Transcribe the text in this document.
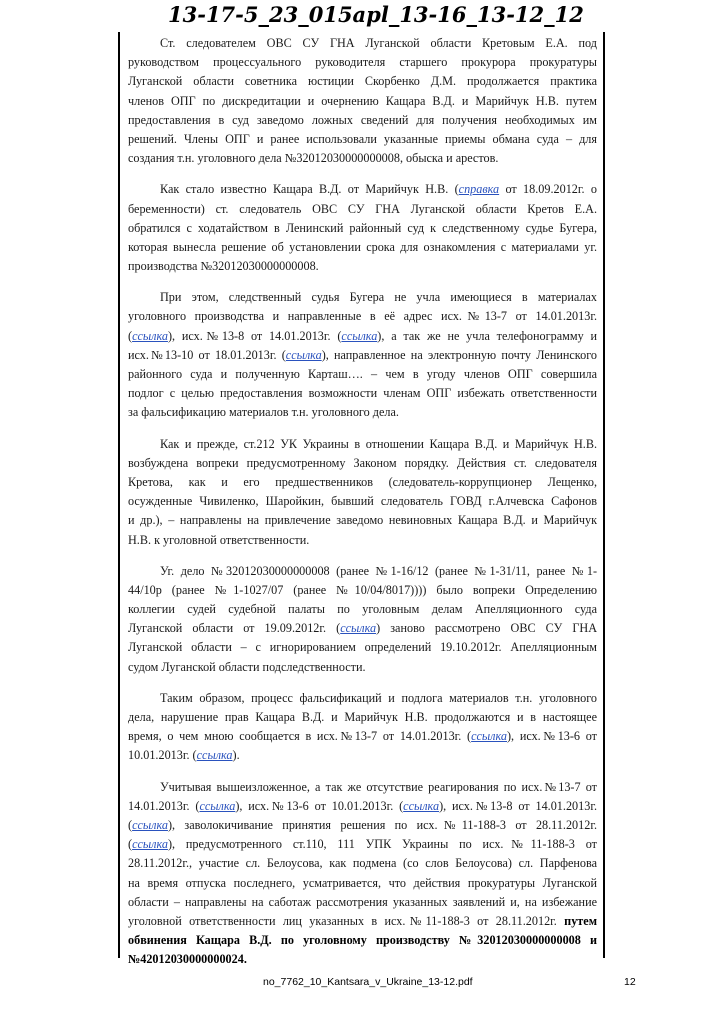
13-17-5_23_015apl_13-16_13-12_12
Ст. следователем ОВС СУ ГНА Луганской области Кретовым Е.А. под
руководством процессуального руководителя старшего прокурора прокуратуры
Луганской области советника юстиции Скорбенко Д.М. продолжается практика
членов ОПГ по дискредитации и очернению Кащара В.Д. и Марийчук Н.В. путем
предоставления в суд заведомо ложных сведений для получения необходимых им
решений. Члены ОПГ и ранее использовали указанные приемы обмана суда – для
создания т.н. уголовного дела №32012030000000008, обыска и арестов.
Как стало известно Кащара В.Д. от Марийчук Н.В. (справка от 18.09.2012г. о
беременности) ст. следователь ОВС СУ ГНА Луганской области Кретов Е.А.
обратился с ходатайством в Ленинский районный суд к следственному судье Бугера,
которая вынесла решение об установлении срока для ознакомления с материалами уг.
производства №32012030000000008.
При этом, следственный судья Бугера не учла имеющиеся в материалах
уголовного производства и направленные в её адрес исх.№13-7 от 14.01.2013г.
(ссылка), исх.№13-8 от 14.01.2013г. (ссылка), а так же не учла телефонограмму и
исх.№13-10 от 18.01.2013г. (ссылка), направленное на электронную почту Ленинского
районного суда и полученную Карташ…. – чем в угоду членов ОПГ совершила
подлог с целью предоставления возможности членам ОПГ избежать ответственности
за фальсификацию материалов т.н. уголовного дела.
Как и прежде, ст.212 УК Украины в отношении Кащара В.Д. и Марийчук Н.В.
возбуждена вопреки предусмотренному Законом порядку. Действия ст. следователя
Кретова, как и его предшественников (следователь-коррупционер Лещенко,
осужденные Чивиленко, Шаройкин, бывший следователь ГОВД г.Алчевска Сафонов
и др.), – направлены на привлечение заведомо невиновных Кащара В.Д. и Марийчук
Н.В. к уголовной ответственности.
Уг. дело №32012030000000008 (ранее №1-16/12 (ранее №1-31/11, ранее №1-
44/10р (ранее №1-1027/07 (ранее №10/04/8017)))) было вопреки Определению
коллегии судей судебной палаты по уголовным делам Апелляционного суда
Луганской области от 19.09.2012г. (ссылка) заново рассмотрено ОВС СУ ГНА
Луганской области – с игнорированием определений 19.10.2012г. Апелляционным
судом Луганской области подследственности.
Таким образом, процесс фальсификаций и подлога материалов т.н. уголовного
дела, нарушение прав Кащара В.Д. и Марийчук Н.В. продолжаются и в настоящее
время, о чем мною сообщается в исх.№13-7 от 14.01.2013г. (ссылка), исх.№13-6 от
10.01.2013г. (ссылка).
Учитывая вышеизложенное, а так же отсутствие реагирования по исх.№13-7 от
14.01.2013г. (ссылка), исх.№13-6 от 10.01.2013г. (ссылка), исх.№13-8 от 14.01.2013г.
(ссылка), заволокичивание принятия решения по исх.№11-188-3 от 28.11.2012г.
(ссылка), предусмотренного ст.110, 111 УПК Украины по исх.№11-188-3 от
28.11.2012г., участие сл. Белоусова, как подмена (со слов Белоусова) сл. Парфенова
на время отпуска последнего, усматривается, что действия прокуратуры Луганской
области – направлены на саботаж рассмотрения указанных заявлений и, на избежание
уголовной ответственности лиц указанных в исх.№11-188-3 от 28.11.2012г. путем
обвинения Кащара В.Д. по уголовному производству №32012030000000008 и
№42012030000000024.
no_7762_10_Kantsara_v_Ukraine_13-12.pdf	12
